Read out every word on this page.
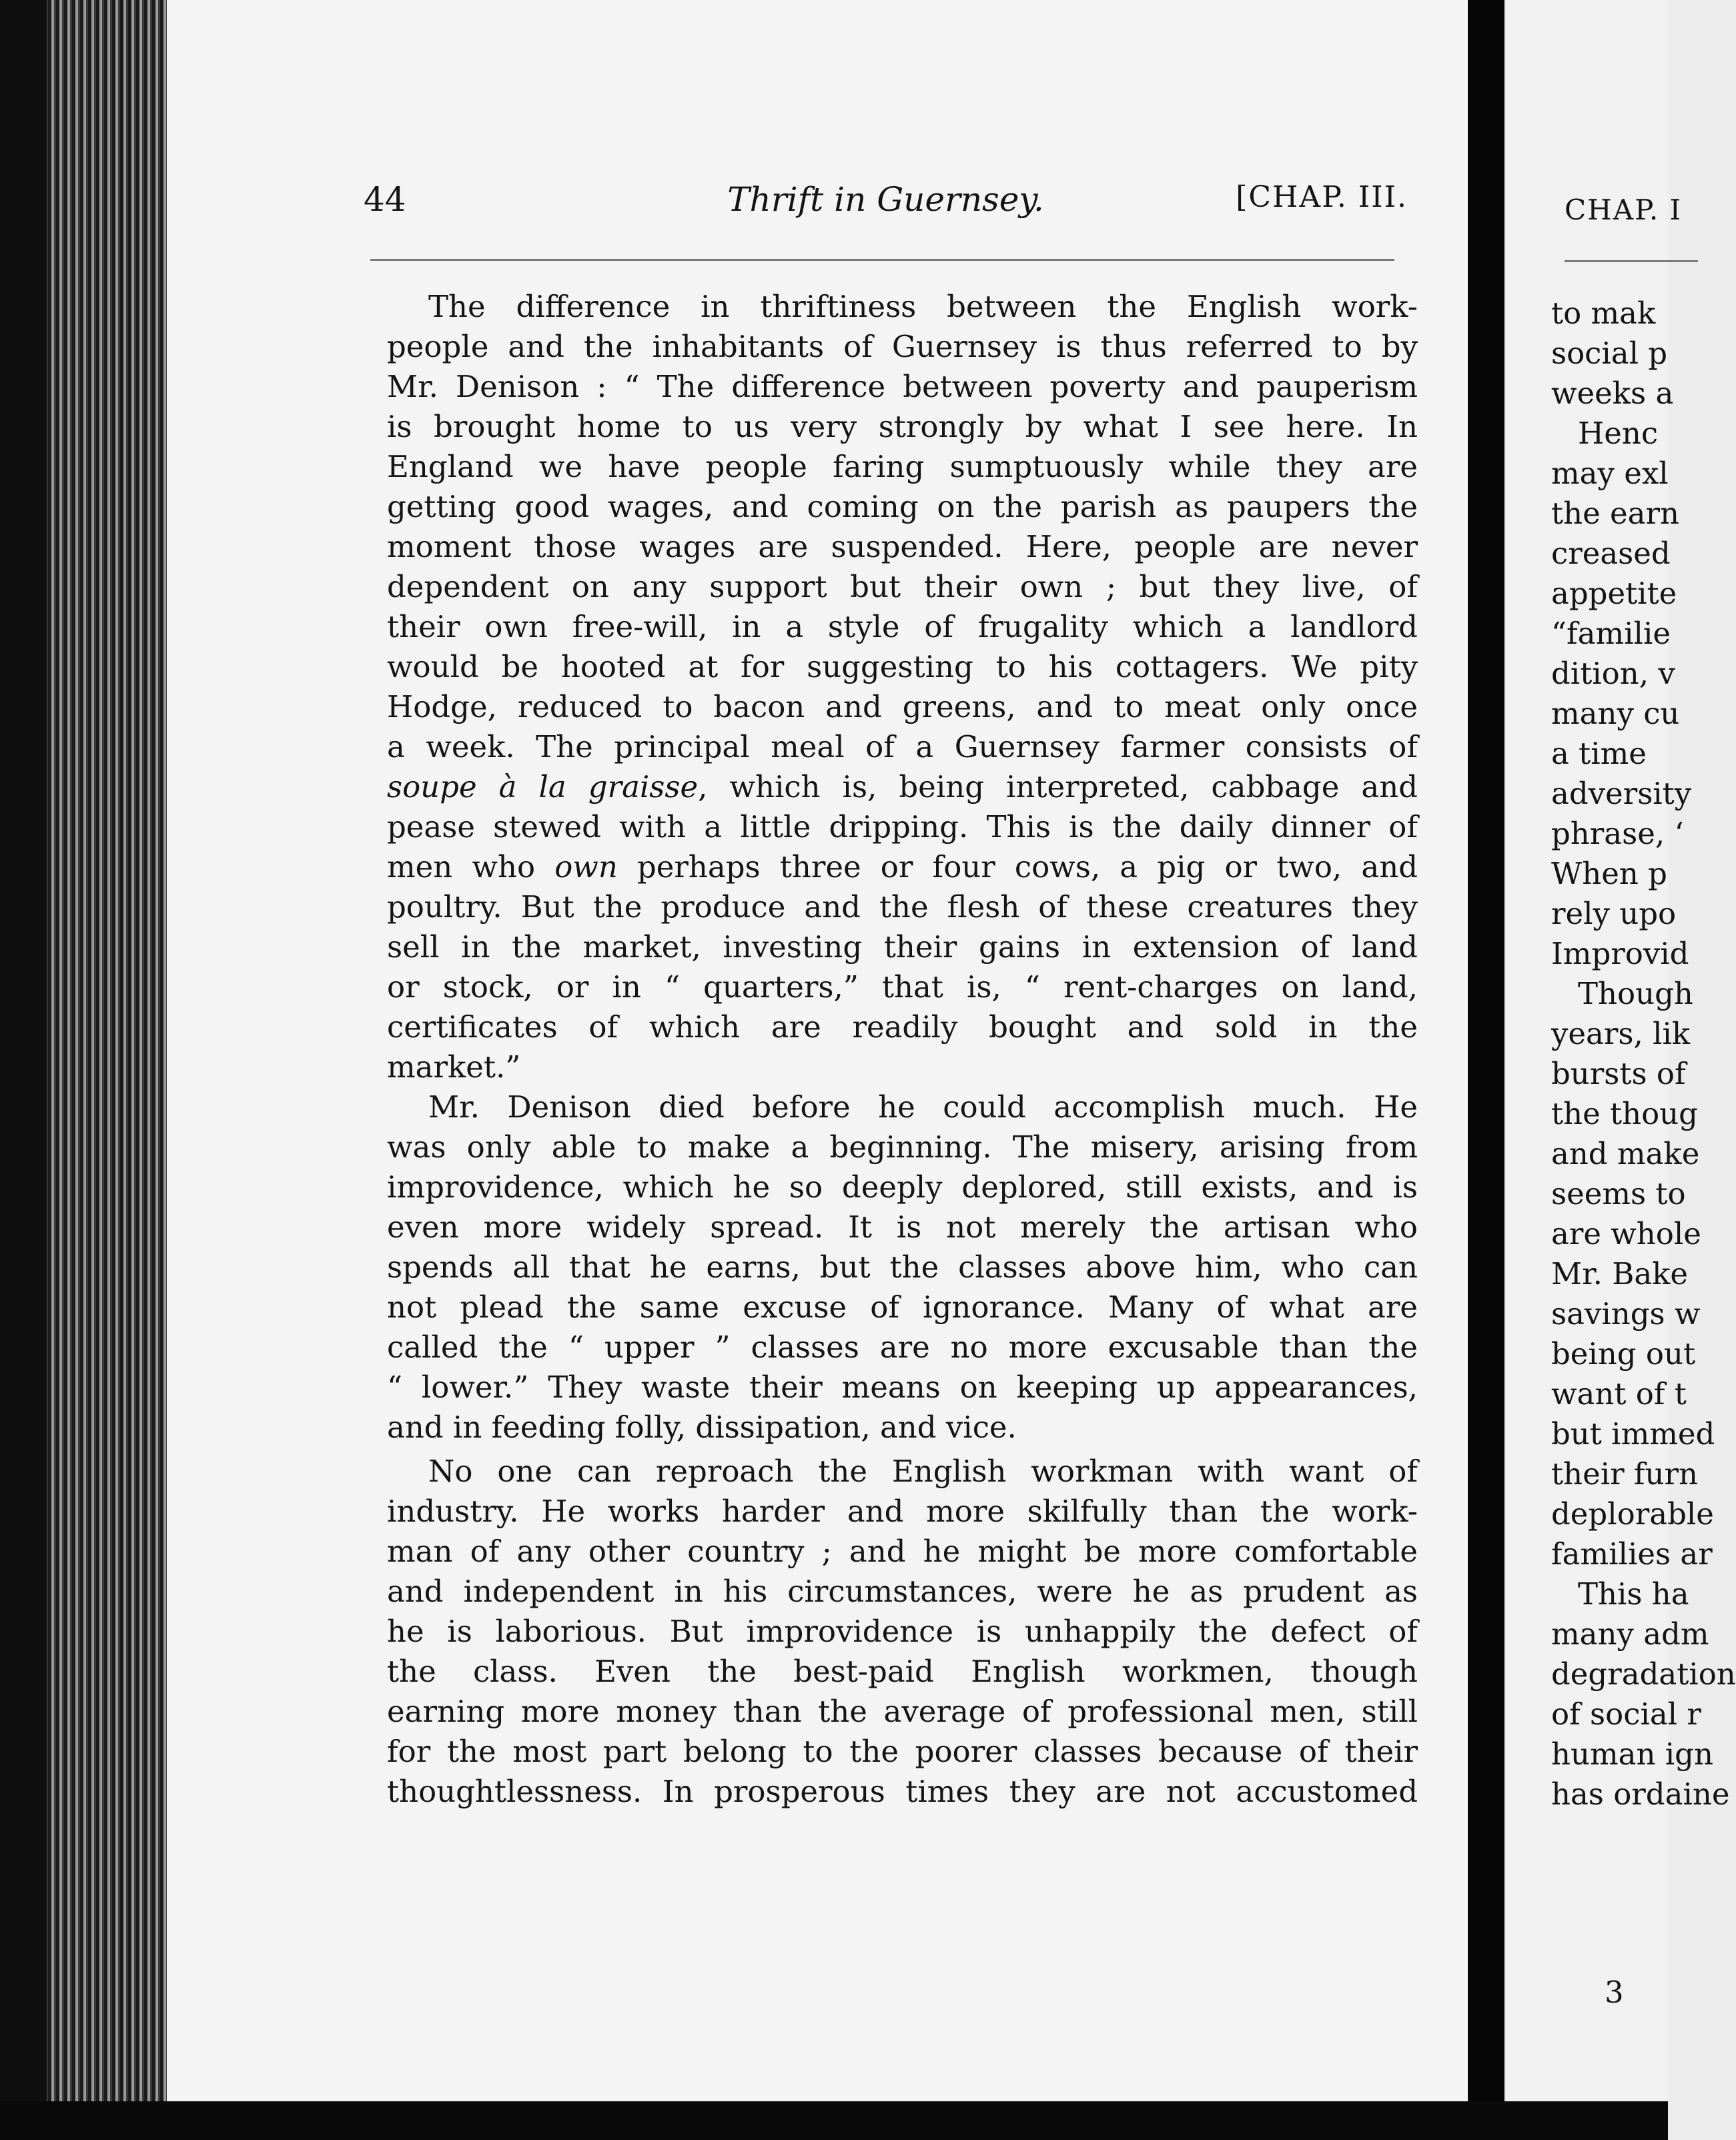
44	Thrift in Guernsey.	[CHAP. III.
The difference in thriftiness between the English work-
people and the inhabitants of Guernsey is thus referred to by
Mr. Denison : “ The difference between poverty and pauperism
is brought home to us very strongly by what I see here. In
England we have people faring sumptuously while they are
getting good wages, and coming on the parish as paupers the
moment those wages are suspended. Here, people are never
dependent on any support but their own ; but they live, of
their own free-will, in a style of frugality which a landlord
would be hooted at for suggesting to his cottagers. We pity
Hodge, reduced to bacon and greens, and to meat only once
a week. The principal meal of a Guernsey farmer consists of
soupe à la graisse, which is, being interpreted, cabbage and
pease stewed with a little dripping. This is the daily dinner of
men who own perhaps three or four cows, a pig or two, and
poultry. But the produce and the flesh of these creatures they
sell in the market, investing their gains in extension of land
or stock, or in “ quarters,” that is, “ rent-charges on land,
certificates of which are readily bought and sold in the
market.”
Mr. Denison died before he could accomplish much. He
was only able to make a beginning. The misery, arising from
improvidence, which he so deeply deplored, still exists, and is
even more widely spread. It is not merely the artisan who
spends all that he earns, but the classes above him, who can
not plead the same excuse of ignorance. Many of what are
called the “ upper ” classes are no more excusable than the
“ lower.” They waste their means on keeping up appearances,
and in feeding folly, dissipation, and vice.
No one can reproach the English workman with want of
industry. He works harder and more skilfully than the work-
man of any other country ; and he might be more comfortable
and independent in his circumstances, were he as prudent as
he is laborious. But improvidence is unhappily the defect of
the class. Even the best-paid English workmen, though
earning more money than the average of professional men, still
for the most part belong to the poorer classes because of their
thoughtlessness. In prosperous times they are not accustomed
CHAP. I
to mak
social p
weeks a
Henc
may exl
the earn
creased
appetite
“familie
dition, v
many cu
a time
adversity
phrase, ‘
When p
rely upo
Improvid
Though
years, lik
bursts of
the thoug
and make
seems to
are whole
Mr. Bake
savings w
being out
want of t
but immed
their furn
deplorable
families ar
This ha
many adm
degradation
of social r
human ign
has ordaine
3
